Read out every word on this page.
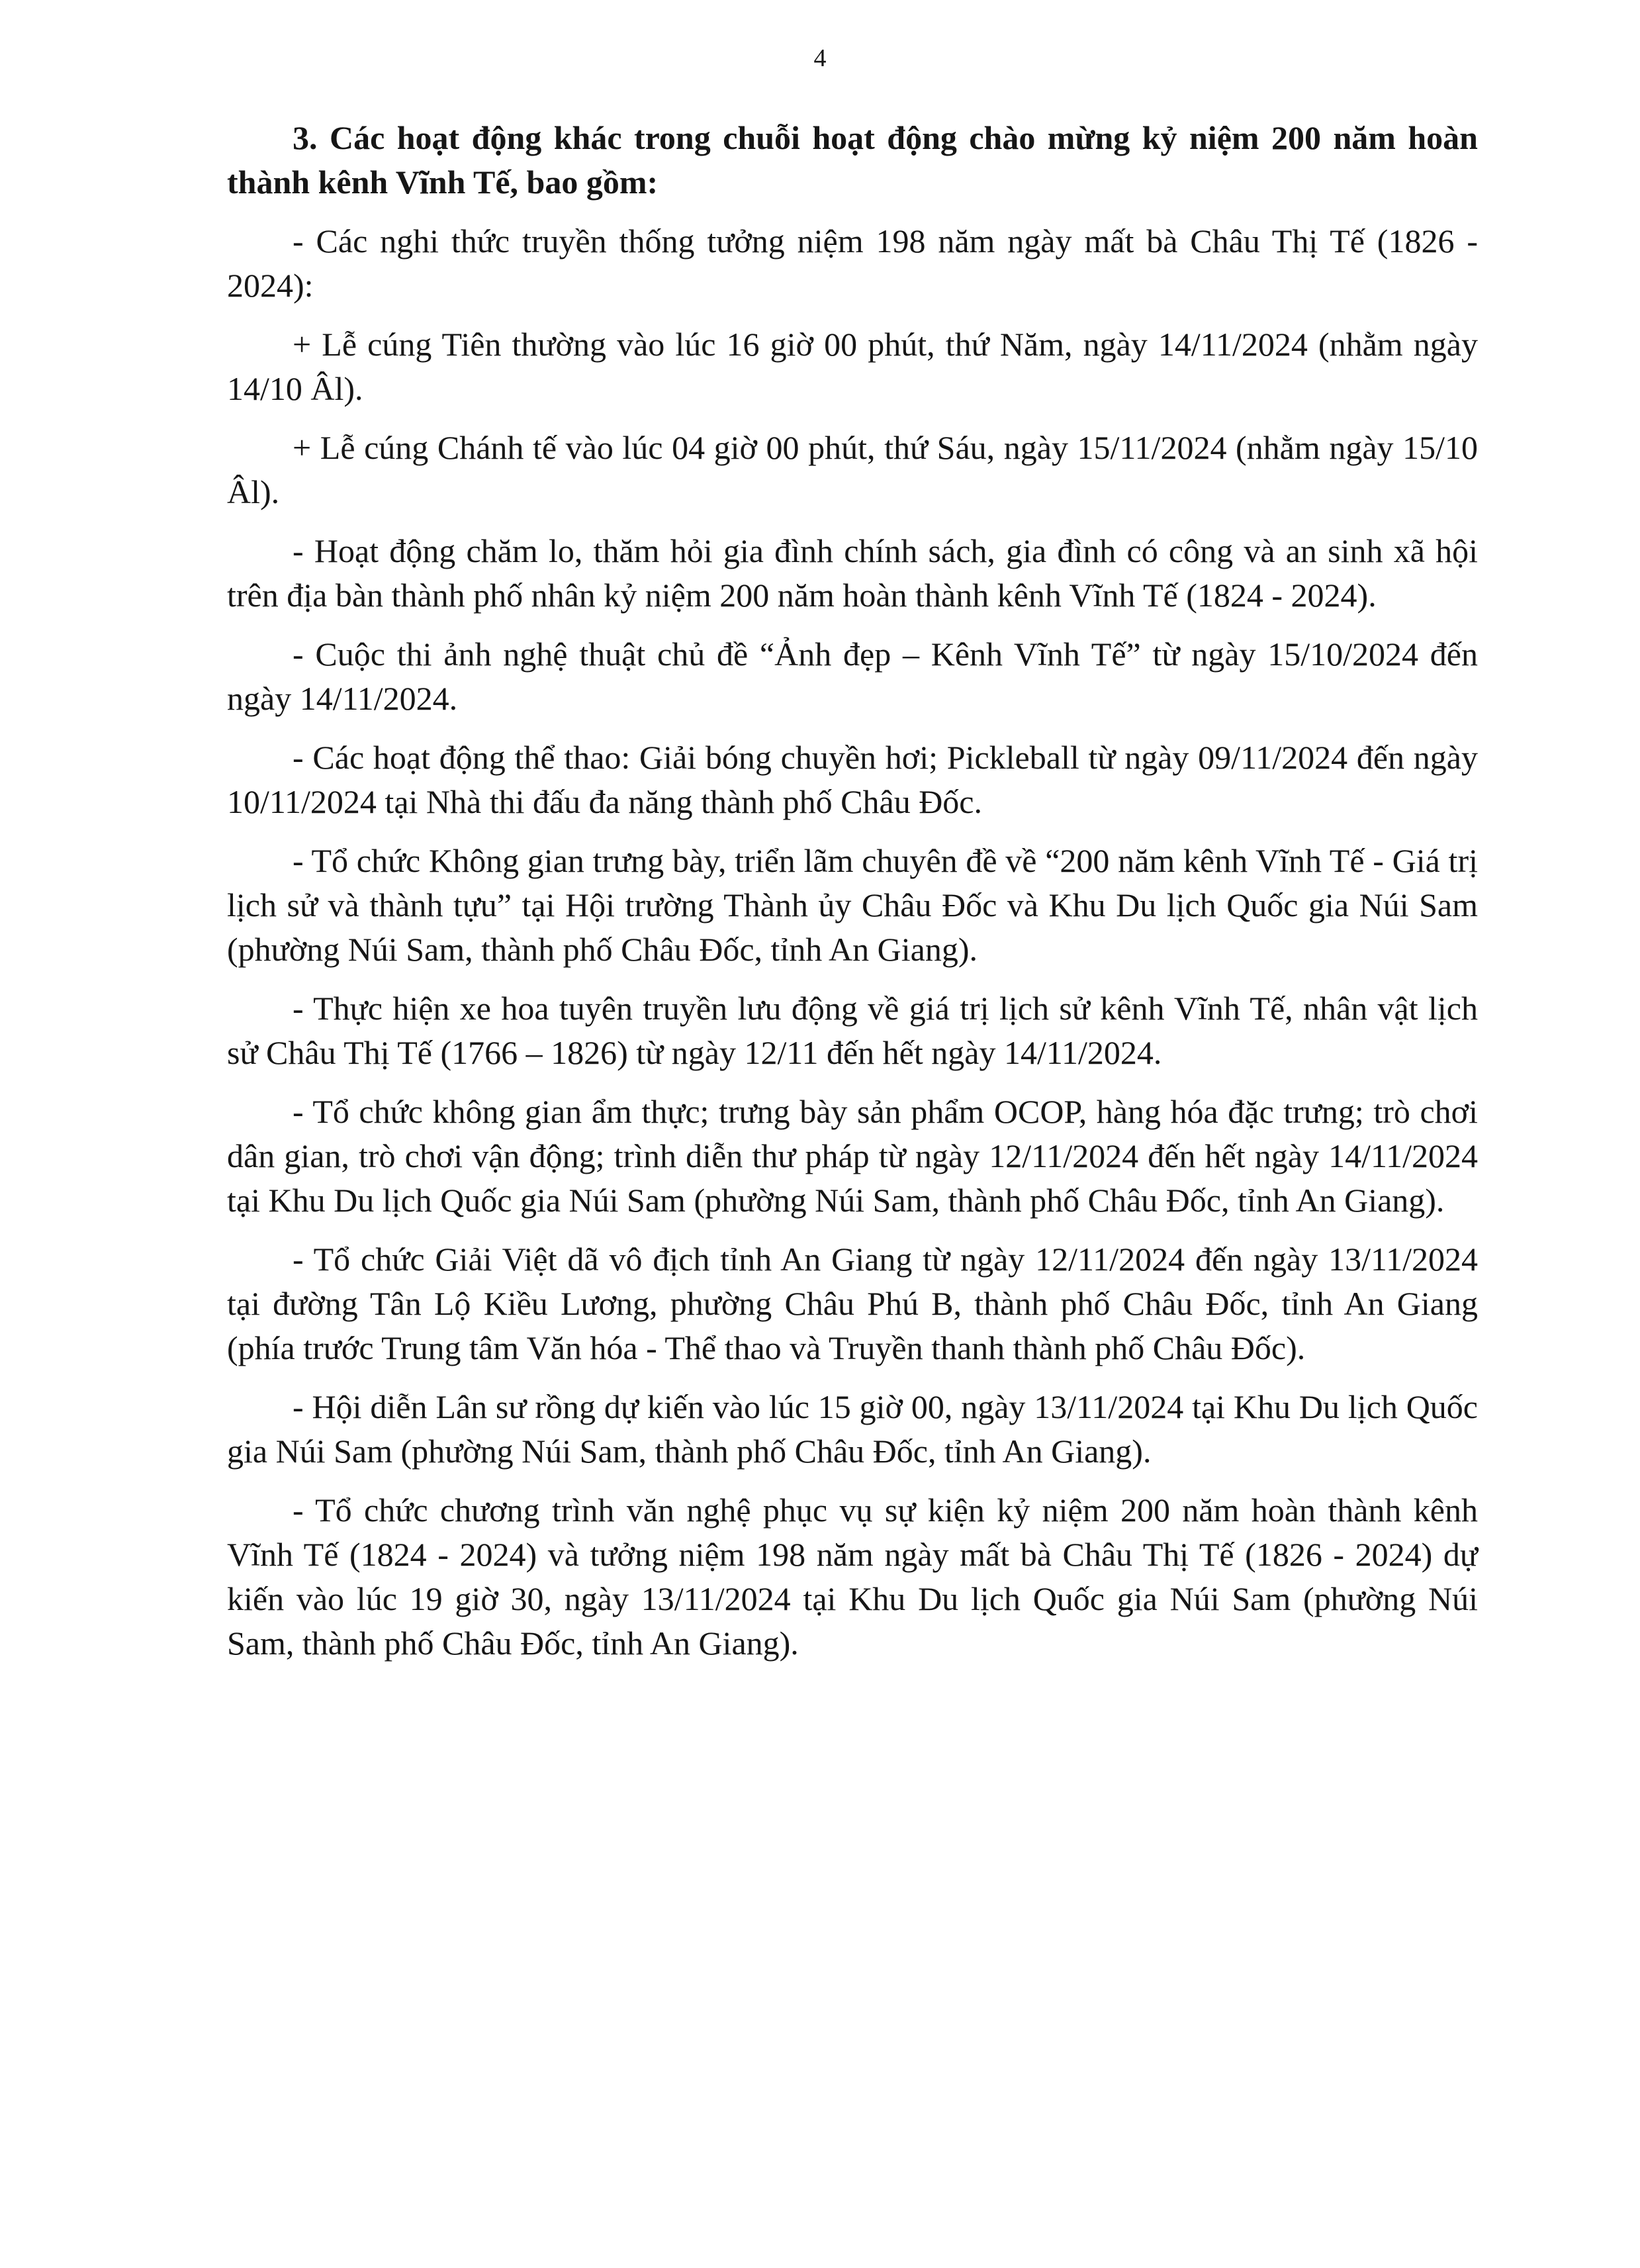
4

3. Các hoạt động khác trong chuỗi hoạt động chào mừng kỷ niệm 200 năm hoàn thành kênh Vĩnh Tế, bao gồm:

- Các nghi thức truyền thống tưởng niệm 198 năm ngày mất bà Châu Thị Tế (1826 - 2024):

+ Lễ cúng Tiên thường vào lúc 16 giờ 00 phút, thứ Năm, ngày 14/11/2024 (nhằm ngày 14/10 Âl).

+ Lễ cúng Chánh tế vào lúc 04 giờ 00 phút, thứ Sáu, ngày 15/11/2024 (nhằm ngày 15/10 Âl).

- Hoạt động chăm lo, thăm hỏi gia đình chính sách, gia đình có công và an sinh xã hội trên địa bàn thành phố nhân kỷ niệm 200 năm hoàn thành kênh Vĩnh Tế (1824 - 2024).

- Cuộc thi ảnh nghệ thuật chủ đề “Ảnh đẹp – Kênh Vĩnh Tế” từ ngày 15/10/2024 đến ngày 14/11/2024.

- Các hoạt động thể thao: Giải bóng chuyền hơi; Pickleball từ ngày 09/11/2024 đến ngày 10/11/2024 tại Nhà thi đấu đa năng thành phố Châu Đốc.

- Tổ chức Không gian trưng bày, triển lãm chuyên đề về “200 năm kênh Vĩnh Tế - Giá trị lịch sử và thành tựu” tại Hội trường Thành ủy Châu Đốc và Khu Du lịch Quốc gia Núi Sam (phường Núi Sam, thành phố Châu Đốc, tỉnh An Giang).

- Thực hiện xe hoa tuyên truyền lưu động về giá trị lịch sử kênh Vĩnh Tế, nhân vật lịch sử Châu Thị Tế (1766 – 1826) từ ngày 12/11 đến hết ngày 14/11/2024.

- Tổ chức không gian ẩm thực; trưng bày sản phẩm OCOP, hàng hóa đặc trưng; trò chơi dân gian, trò chơi vận động; trình diễn thư pháp từ ngày 12/11/2024 đến hết ngày 14/11/2024 tại Khu Du lịch Quốc gia Núi Sam (phường Núi Sam, thành phố Châu Đốc, tỉnh An Giang).

- Tổ chức Giải Việt dã vô địch tỉnh An Giang từ ngày 12/11/2024 đến ngày 13/11/2024 tại đường Tân Lộ Kiều Lương, phường Châu Phú B, thành phố Châu Đốc, tỉnh An Giang (phía trước Trung tâm Văn hóa - Thể thao và Truyền thanh thành phố Châu Đốc).

- Hội diễn Lân sư rồng dự kiến vào lúc 15 giờ 00, ngày 13/11/2024 tại Khu Du lịch Quốc gia Núi Sam (phường Núi Sam, thành phố Châu Đốc, tỉnh An Giang).

- Tổ chức chương trình văn nghệ phục vụ sự kiện kỷ niệm 200 năm hoàn thành kênh Vĩnh Tế (1824 - 2024) và tưởng niệm 198 năm ngày mất bà Châu Thị Tế (1826 - 2024) dự kiến vào lúc 19 giờ 30, ngày 13/11/2024 tại Khu Du lịch Quốc gia Núi Sam (phường Núi Sam, thành phố Châu Đốc, tỉnh An Giang).
